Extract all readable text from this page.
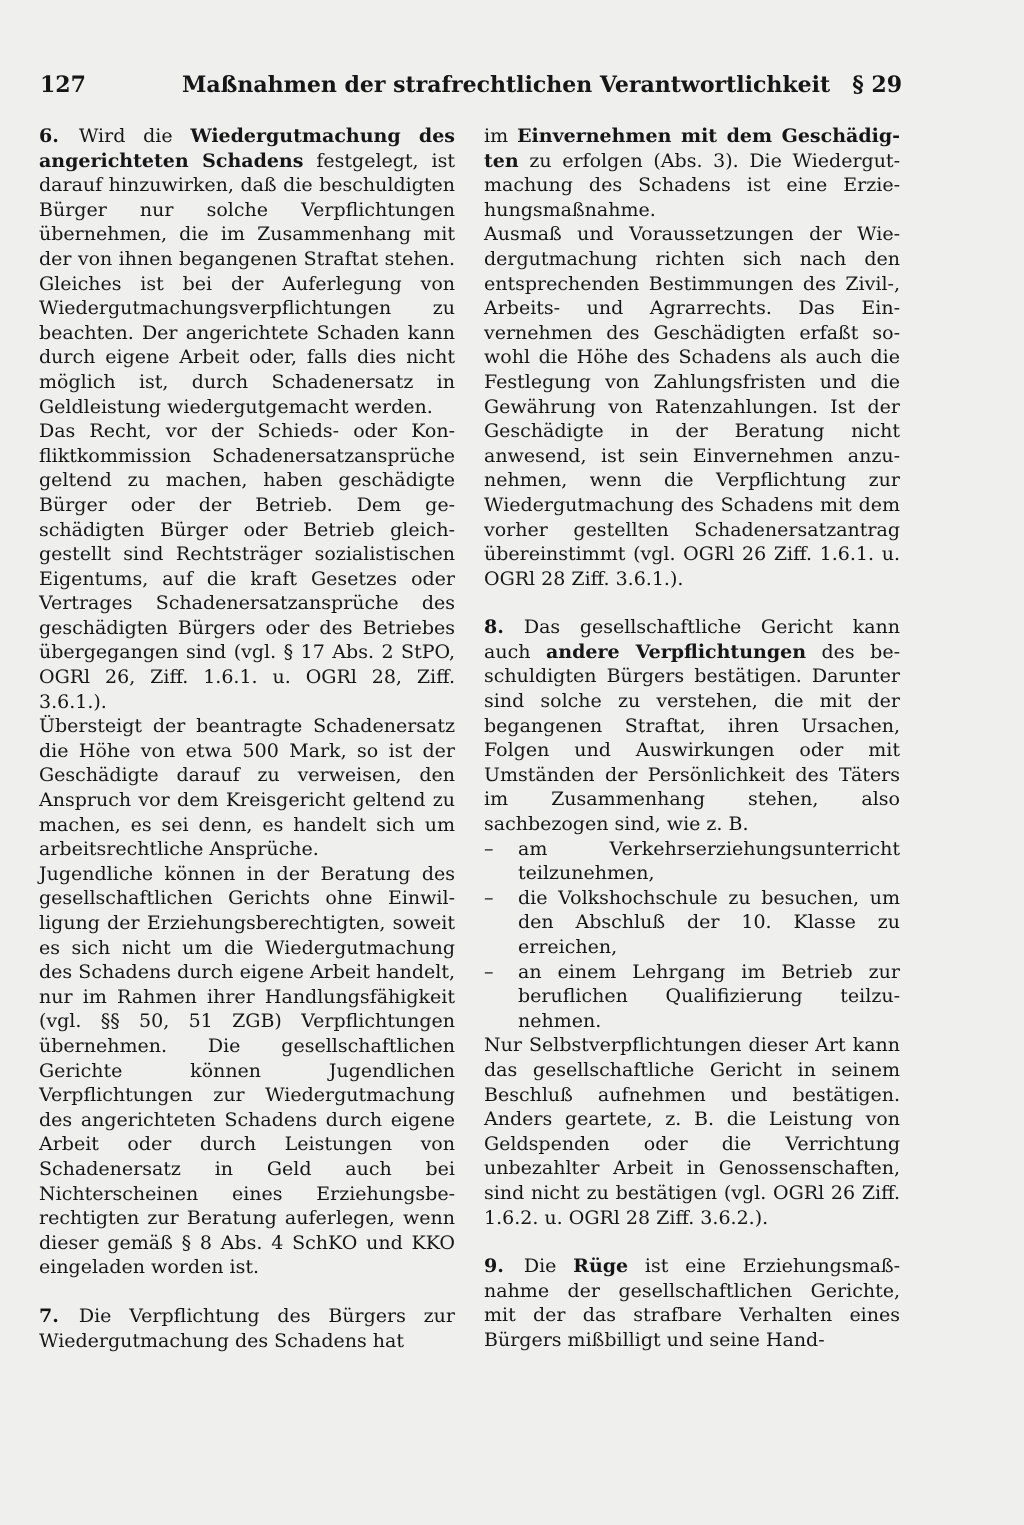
127	Maßnahmen der strafrechtlichen Verantwortlichkeit § 29

6. Wird die Wiedergutmachung des angerichteten Schadens festgelegt, ist darauf hinzuwirken, daß die beschuldigten Bürger nur solche Verpflichtungen übernehmen, die im Zusammenhang mit der von ihnen begangenen Straftat stehen. Gleiches ist bei der Auferlegung von Wiedergutmachungsverpflichtungen zu beachten. Der angerichtete Schaden kann durch eigene Arbeit oder, falls dies nicht möglich ist, durch Schadenersatz in Geldleistung wiedergutgemacht werden.

Das Recht, vor der Schieds- oder Konfliktkommission Schadenersatzansprüche geltend zu machen, haben geschädigte Bürger oder der Betrieb. Dem geschädigten Bürger oder Betrieb gleichgestellt sind Rechtsträger sozialistischen Eigentums, auf die kraft Gesetzes oder Vertrages Schadenersatzansprüche des geschädigten Bürgers oder des Betriebes übergegangen sind (vgl. § 17 Abs. 2 StPO, OGRl 26, Ziff. 1.6.1. u. OGRl 28, Ziff. 3.6.1.).

Übersteigt der beantragte Schadenersatz die Höhe von etwa 500 Mark, so ist der Geschädigte darauf zu verweisen, den Anspruch vor dem Kreisgericht geltend zu machen, es sei denn, es handelt sich um arbeitsrechtliche Ansprüche.

Jugendliche können in der Beratung des gesellschaftlichen Gerichts ohne Einwilligung der Erziehungsberechtigten, soweit es sich nicht um die Wiedergutmachung des Schadens durch eigene Arbeit handelt, nur im Rahmen ihrer Handlungsfähigkeit (vgl. §§ 50, 51 ZGB) Verpflichtungen übernehmen. Die gesellschaftlichen Gerichte können Jugendlichen Verpflichtungen zur Wiedergutmachung des angerichteten Schadens durch eigene Arbeit oder durch Leistungen von Schadenersatz in Geld auch bei Nichterscheinen eines Erziehungsberechtigten zur Beratung auferlegen, wenn dieser gemäß § 8 Abs. 4 SchKO und KKO eingeladen worden ist.

7. Die Verpflichtung des Bürgers zur Wiedergutmachung des Schadens hat

im Einvernehmen mit dem Geschädigten zu erfolgen (Abs. 3). Die Wiedergutmachung des Schadens ist eine Erziehungsmaßnahme.

Ausmaß und Voraussetzungen der Wiedergutmachung richten sich nach den entsprechenden Bestimmungen des Zivil-, Arbeits- und Agrarrechts. Das Einvernehmen des Geschädigten erfaßt sowohl die Höhe des Schadens als auch die Festlegung von Zahlungsfristen und die Gewährung von Ratenzahlungen. Ist der Geschädigte in der Beratung nicht anwesend, ist sein Einvernehmen anzunehmen, wenn die Verpflichtung zur Wiedergutmachung des Schadens mit dem vorher gestellten Schadenersatzantrag übereinstimmt (vgl. OGRl 26 Ziff. 1.6.1. u. OGRl 28 Ziff. 3.6.1.).

8. Das gesellschaftliche Gericht kann auch andere Verpflichtungen des beschuldigten Bürgers bestätigen. Darunter sind solche zu verstehen, die mit der begangenen Straftat, ihren Ursachen, Folgen und Auswirkungen oder mit Umständen der Persönlichkeit des Täters im Zusammenhang stehen, also sachbezogen sind, wie z. B.

– am Verkehrserziehungsunterricht teilzunehmen,
– die Volkshochschule zu besuchen, um den Abschluß der 10. Klasse zu erreichen,
– an einem Lehrgang im Betrieb zur beruflichen Qualifizierung teilzunehmen.

Nur Selbstverpflichtungen dieser Art kann das gesellschaftliche Gericht in seinem Beschluß aufnehmen und bestätigen. Anders geartete, z. B. die Leistung von Geldspenden oder die Verrichtung unbezahlter Arbeit in Genossenschaften, sind nicht zu bestätigen (vgl. OGRl 26 Ziff. 1.6.2. u. OGRl 28 Ziff. 3.6.2.).

9. Die Rüge ist eine Erziehungsmaßnahme der gesellschaftlichen Gerichte, mit der das strafbare Verhalten eines Bürgers mißbilligt und seine Hand-
